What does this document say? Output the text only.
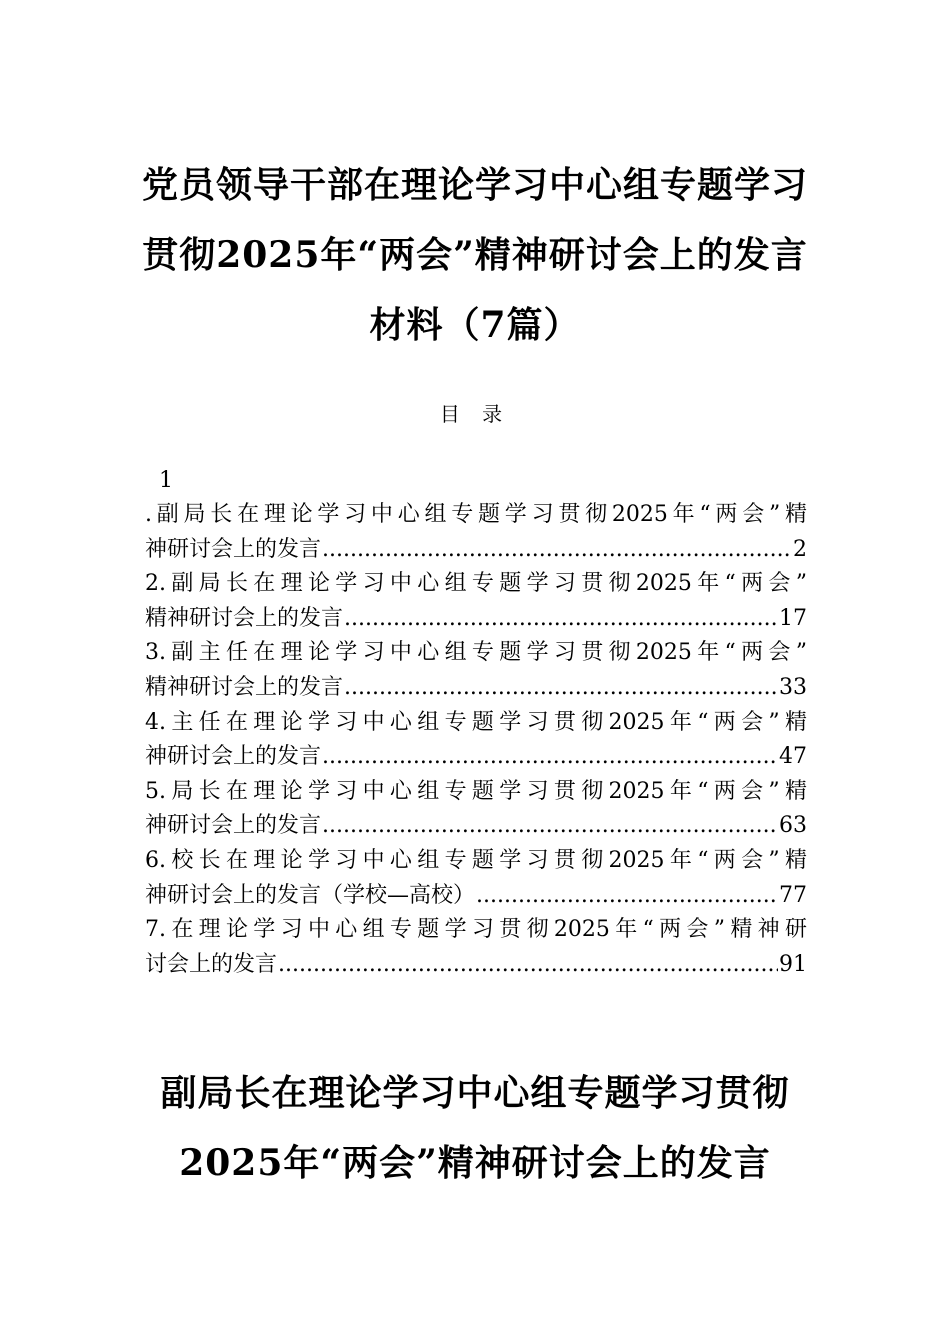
党员领导干部在理论学习中心组专题学习
贯彻2025年“两会”精神研讨会上的发言
材料（7篇）
目 录
1
.副局长在理论学习中心组专题学习贯彻2025年“两会”精
神研讨会上的发言 .....	2
2.副局长在理论学习中心组专题学习贯彻2025年“两会”
精神研讨会上的发言 .....	17
3.副主任在理论学习中心组专题学习贯彻2025年“两会”
精神研讨会上的发言 .....	33
4.主任在理论学习中心组专题学习贯彻2025年“两会”精
神研讨会上的发言 .....	47
5.局长在理论学习中心组专题学习贯彻2025年“两会”精
神研讨会上的发言 .....	63
6.校长在理论学习中心组专题学习贯彻2025年“两会”精
神研讨会上的发言（学校—高校） .....	77
7.在理论学习中心组专题学习贯彻2025年“两会”精神研
讨会上的发言 .....	91
副局长在理论学习中心组专题学习贯彻
2025年“两会”精神研讨会上的发言
